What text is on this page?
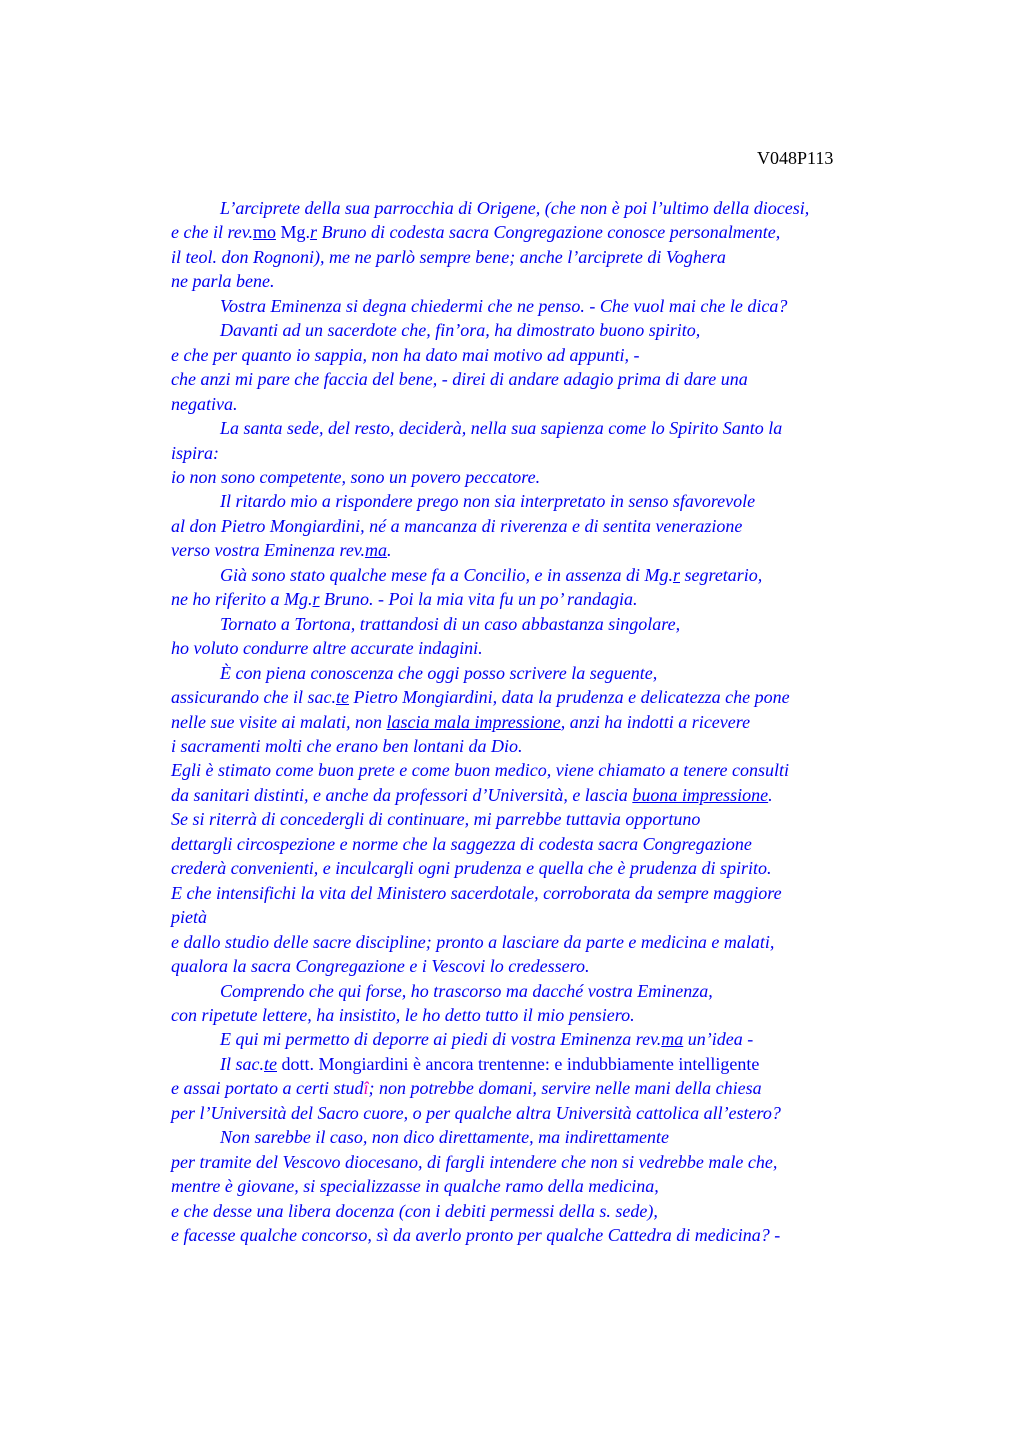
V048P113
L’arciprete della sua parrocchia di Origene, (che non è poi l’ultimo della diocesi,
e che il rev.mo Mg.r Bruno di codesta sacra Congregazione conosce personalmente,
il teol. don Rognoni), me ne parlò sempre bene; anche l’arciprete di Voghera
ne parla bene.
Vostra Eminenza si degna chiedermi che ne penso. - Che vuol mai che le dica?
Davanti ad un sacerdote che, fin’ora, ha dimostrato buono spirito,
e che per quanto io sappia, non ha dato mai motivo ad appunti, -
che anzi mi pare che faccia del bene, - direi di andare adagio prima di dare una
negativa.
La santa sede, del resto, deciderà, nella sua sapienza come lo Spirito Santo la
ispira:
io non sono competente, sono un povero peccatore.
Il ritardo mio a rispondere prego non sia interpretato in senso sfavorevole
al don Pietro Mongiardini, né a mancanza di riverenza e di sentita venerazione
verso vostra Eminenza rev.ma.
Già sono stato qualche mese fa a Concilio, e in assenza di Mg.r segretario,
ne ho riferito a Mg.r Bruno. - Poi la mia vita fu un po’ randagia.
Tornato a Tortona, trattandosi di un caso abbastanza singolare,
ho voluto condurre altre accurate indagini.
È con piena conoscenza che oggi posso scrivere la seguente,
assicurando che il sac.te Pietro Mongiardini, data la prudenza e delicatezza che pone
nelle sue visite ai malati, non lascia mala impressione, anzi ha indotti a ricevere
i sacramenti molti che erano ben lontani da Dio.
Egli è stimato come buon prete e come buon medico, viene chiamato a tenere consulti
da sanitari distinti, e anche da professori d’Università, e lascia buona impressione.
Se si riterrà di concedergli di continuare, mi parrebbe tuttavia opportuno
dettargli circospezione e norme che la saggezza di codesta sacra Congregazione
crederà convenienti, e inculcargli ogni prudenza e quella che è prudenza di spirito.
E che intensifichi la vita del Ministero sacerdotale, corroborata da sempre maggiore
pietà
e dallo studio delle sacre discipline; pronto a lasciare da parte e medicina e malati,
qualora la sacra Congregazione e i Vescovi lo credessero.
Comprendo che qui forse, ho trascorso ma dacché vostra Eminenza,
con ripetute lettere, ha insistito, le ho detto tutto il mio pensiero.
E qui mi permetto di deporre ai piedi di vostra Eminenza rev.ma un’idea -
Il sac.te dott. Mongiardini è ancora trentenne: e indubbiamente intelligente
e assai portato a certi studî; non potrebbe domani, servire nelle mani della chiesa
per l’Università del Sacro cuore, o per qualche altra Università cattolica all’estero?
Non sarebbe il caso, non dico direttamente, ma indirettamente
per tramite del Vescovo diocesano, di fargli intendere che non si vedrebbe male che,
mentre è giovane, si specializzasse in qualche ramo della medicina,
e che desse una libera docenza (con i debiti permessi della s. sede),
e facesse qualche concorso, sì da averlo pronto per qualche Cattedra di medicina? -
